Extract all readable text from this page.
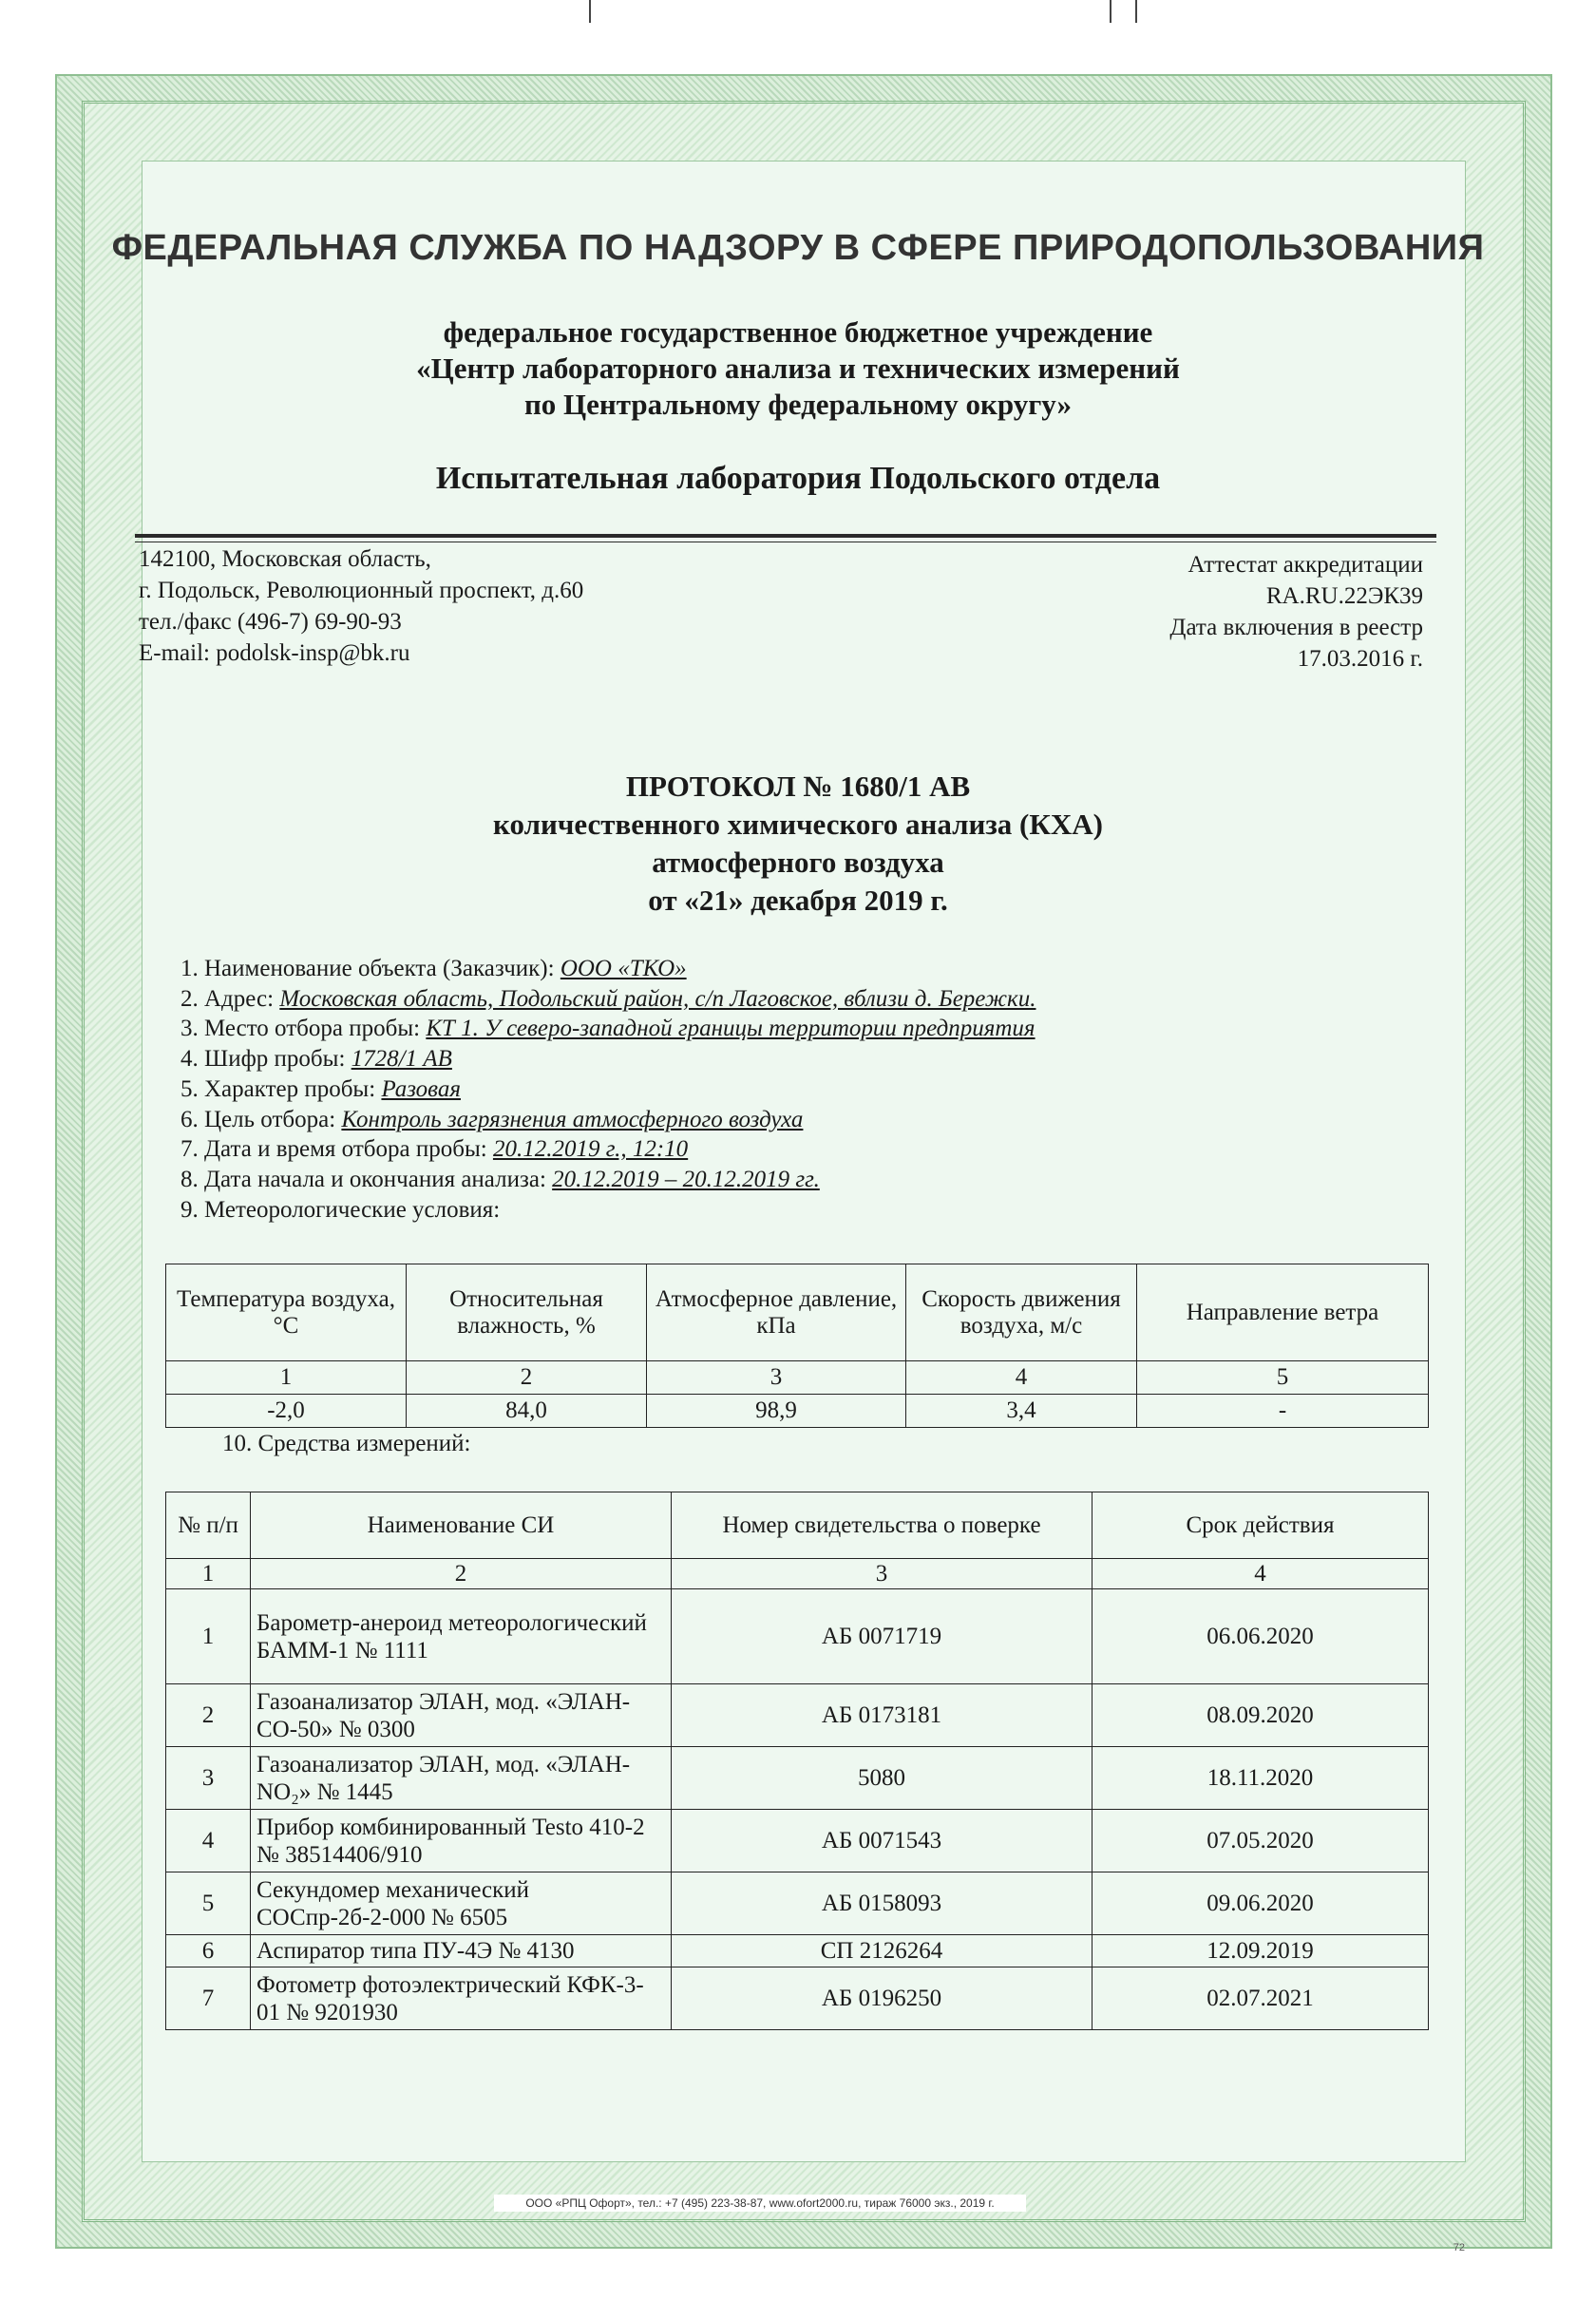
ФЕДЕРАЛЬНАЯ СЛУЖБА ПО НАДЗОРУ В СФЕРЕ ПРИРОДОПОЛЬЗОВАНИЯ
федеральное государственное бюджетное учреждение
«Центр лабораторного анализа и технических измерений
по Центральному федеральному округу»
Испытательная лаборатория Подольского отдела
142100, Московская область,
г. Подольск, Революционный проспект, д.60
тел./факс (496-7) 69-90-93
E-mail: podolsk-insp@bk.ru
Аттестат аккредитации
RA.RU.22ЭК39
Дата включения в реестр
17.03.2016 г.
ПРОТОКОЛ № 1680/1 АВ
количественного химического анализа (КХА)
атмосферного воздуха
от «21» декабря 2019 г.
1. Наименование объекта (Заказчик): ООО «ТКО»
2. Адрес: Московская область, Подольский район, с/п Лаговское, вблизи д. Бережки.
3. Место отбора пробы: КТ 1. У северо-западной границы территории предприятия
4. Шифр пробы: 1728/1 АВ
5. Характер пробы: Разовая
6. Цель отбора: Контроль загрязнения атмосферного воздуха
7. Дата и время отбора пробы: 20.12.2019 г., 12:10
8. Дата начала и окончания анализа: 20.12.2019 – 20.12.2019 гг.
9. Метеорологические условия:
Температура воздуха, °С	Относительная влажность, %	Атмосферное давление, кПа	Скорость движения воздуха, м/с	Направление ветра
1	2	3	4	5
-2,0	84,0	98,9	3,4	-
10. Средства измерений:
№ п/п	Наименование СИ	Номер свидетельства о поверке	Срок действия
1	2	3	4
1	Барометр-анероид метеорологический БАММ-1 № 1111	АБ 0071719	06.06.2020
2	Газоанализатор ЭЛАН, мод. «ЭЛАН-СО-50» № 0300	АБ 0173181	08.09.2020
3	Газоанализатор ЭЛАН, мод. «ЭЛАН-NO₂» № 1445	5080	18.11.2020
4	Прибор комбинированный Testo 410-2 № 38514406/910	АБ 0071543	07.05.2020
5	Секундомер механический СОСпр-2б-2-000 № 6505	АБ 0158093	09.06.2020
6	Аспиратор типа ПУ-4Э № 4130	СП 2126264	12.09.2019
7	Фотометр фотоэлектрический КФК-3-01 № 9201930	АБ 0196250	02.07.2021
ООО «РПЦ Офорт», тел.: +7 (495) 223-38-87, www.ofort2000.ru, тираж 76000 экз., 2019 г.
72
